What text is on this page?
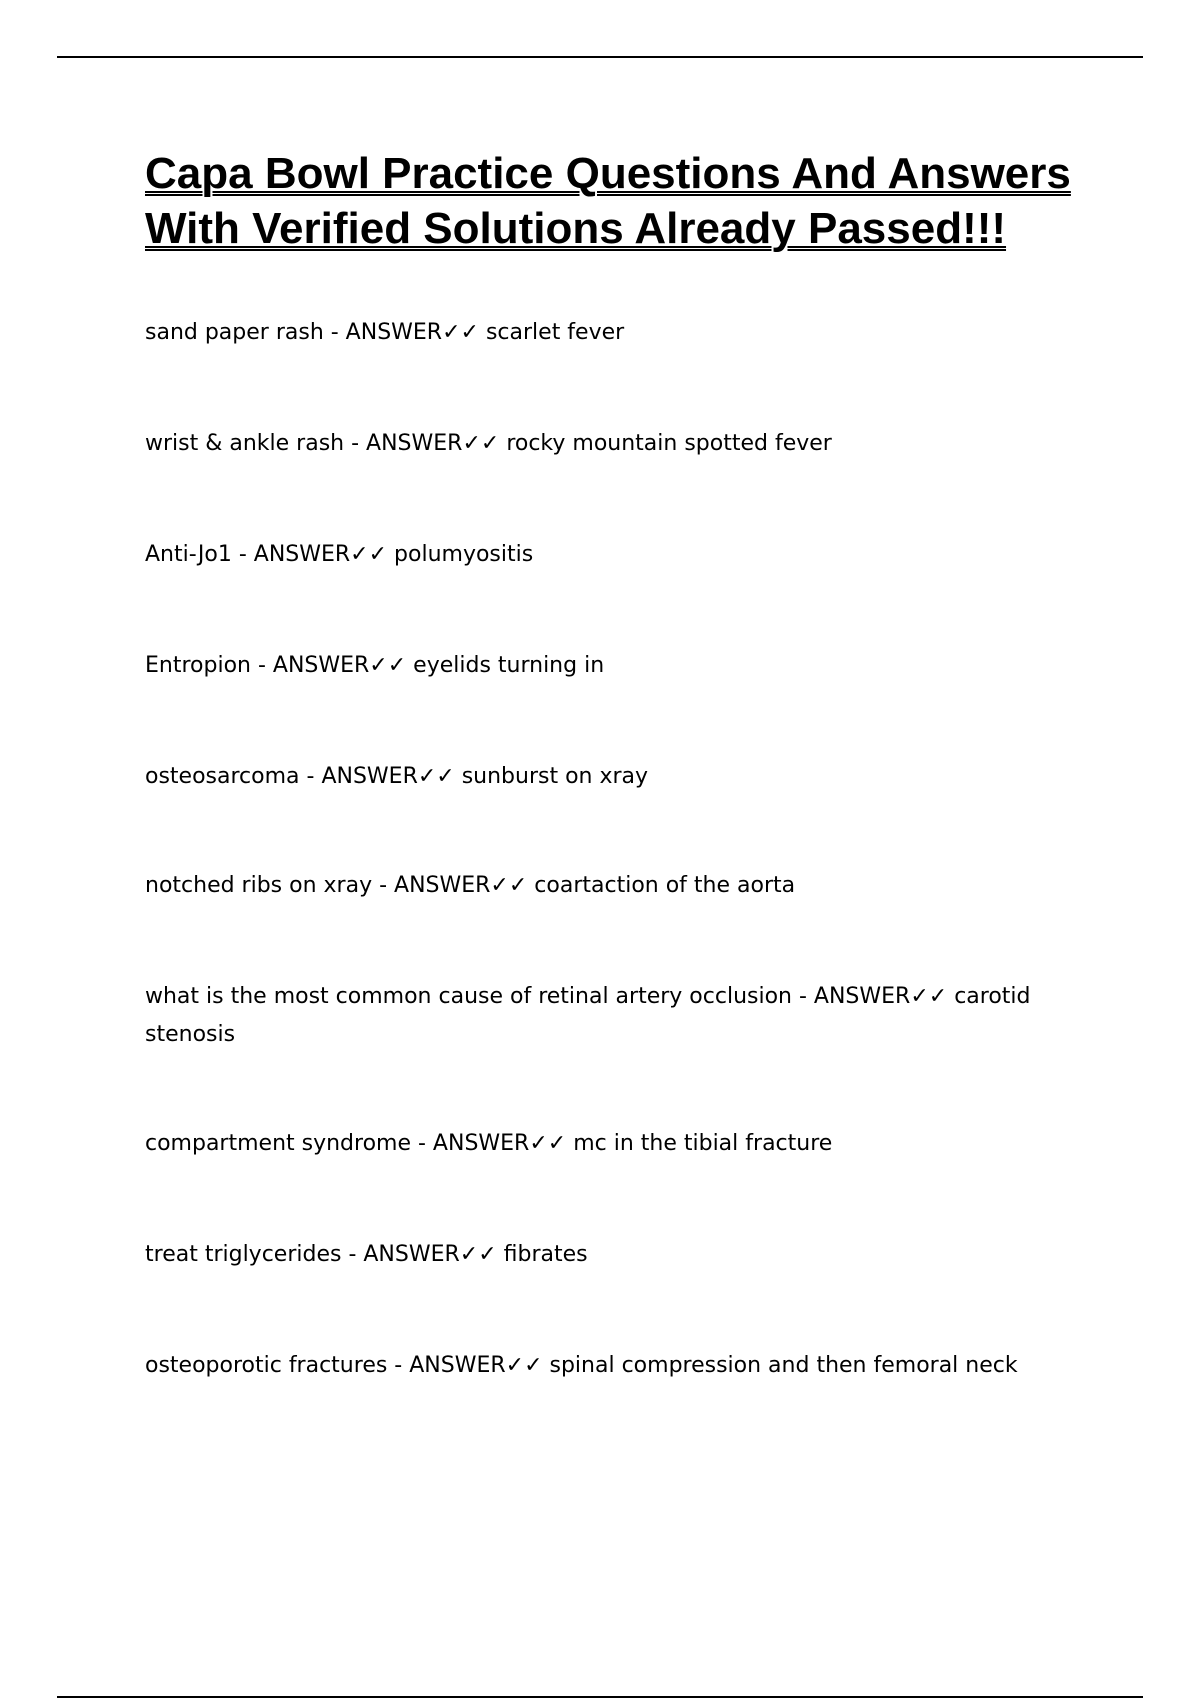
Capa Bowl Practice Questions And Answers With Verified Solutions Already Passed!!!
sand paper rash - ANSWER✓✓ scarlet fever
wrist & ankle rash - ANSWER✓✓ rocky mountain spotted fever
Anti-Jo1 - ANSWER✓✓ polumyositis
Entropion - ANSWER✓✓ eyelids turning in
osteosarcoma - ANSWER✓✓ sunburst on xray
notched ribs on xray - ANSWER✓✓ coartaction of the aorta
what is the most common cause of retinal artery occlusion - ANSWER✓✓ carotid stenosis
compartment syndrome - ANSWER✓✓ mc in the tibial fracture
treat triglycerides - ANSWER✓✓ fibrates
osteoporotic fractures - ANSWER✓✓ spinal compression and then femoral neck
